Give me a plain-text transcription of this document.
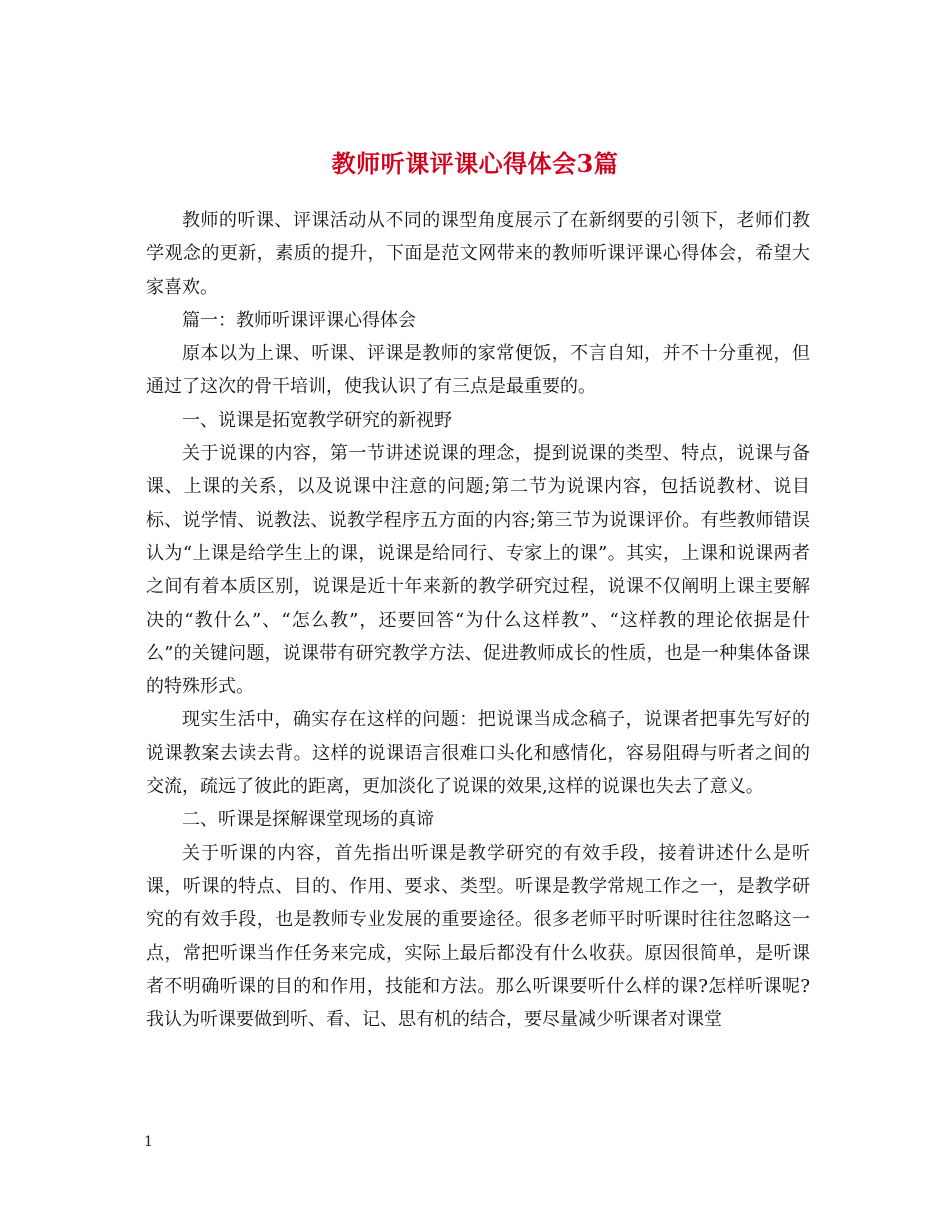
教师听课评课心得体会3篇

教师的听课、评课活动从不同的课型角度展示了在新纲要的引领下，老师们教学观念的更新，素质的提升，下面是范文网带来的教师听课评课心得体会，希望大家喜欢。

篇一：教师听课评课心得体会

原本以为上课、听课、评课是教师的家常便饭，不言自知，并不十分重视，但通过了这次的骨干培训，使我认识了有三点是最重要的。

一、说课是拓宽教学研究的新视野

关于说课的内容，第一节讲述说课的理念，提到说课的类型、特点，说课与备课、上课的关系，以及说课中注意的问题;第二节为说课内容，包括说教材、说目标、说学情、说教法、说教学程序五方面的内容;第三节为说课评价。有些教师错误认为“上课是给学生上的课，说课是给同行、专家上的课”。其实，上课和说课两者之间有着本质区别，说课是近十年来新的教学研究过程，说课不仅阐明上课主要解决的“教什么”、“怎么教”，还要回答“为什么这样教”、“这样教的理论依据是什么”的关键问题，说课带有研究教学方法、促进教师成长的性质，也是一种集体备课的特殊形式。

现实生活中，确实存在这样的问题：把说课当成念稿子，说课者把事先写好的说课教案去读去背。这样的说课语言很难口头化和感情化，容易阻碍与听者之间的交流，疏远了彼此的距离，更加淡化了说课的效果,这样的说课也失去了意义。

二、听课是探解课堂现场的真谛

关于听课的内容，首先指出听课是教学研究的有效手段，接着讲述什么是听课，听课的特点、目的、作用、要求、类型。听课是教学常规工作之一，是教学研究的有效手段，也是教师专业发展的重要途径。很多老师平时听课时往往忽略这一点，常把听课当作任务来完成，实际上最后都没有什么收获。原因很简单，是听课者不明确听课的目的和作用，技能和方法。那么听课要听什么样的课?怎样听课呢?我认为听课要做到听、看、记、思有机的结合，要尽量减少听课者对课堂

1
